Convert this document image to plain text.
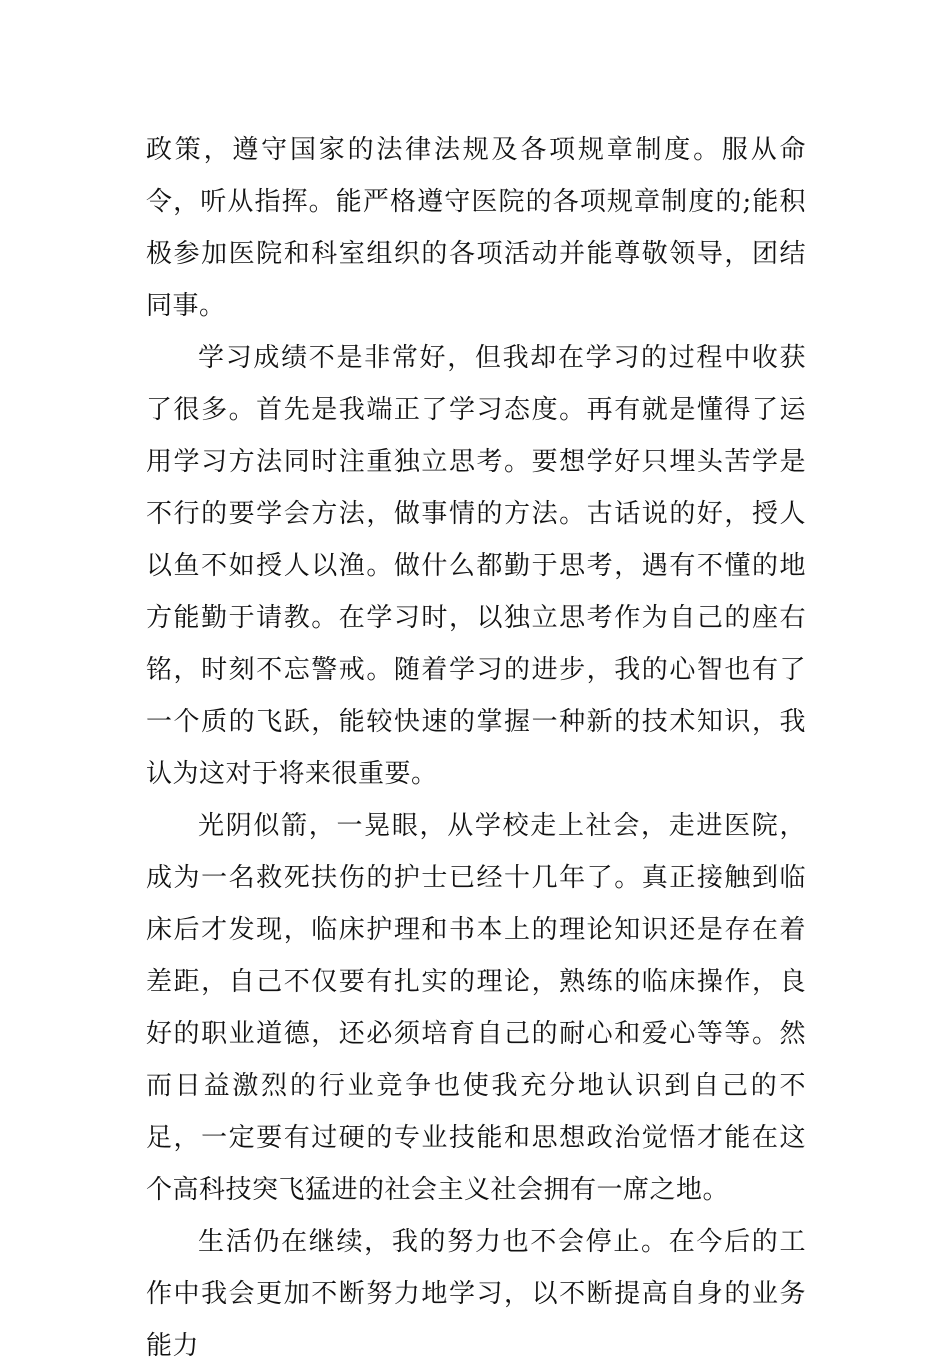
政策，遵守国家的法律法规及各项规章制度。服从命令，听从指挥。能严格遵守医院的各项规章制度的;能积极参加医院和科室组织的各项活动并能尊敬领导，团结同事。

学习成绩不是非常好，但我却在学习的过程中收获了很多。首先是我端正了学习态度。再有就是懂得了运用学习方法同时注重独立思考。要想学好只埋头苦学是不行的要学会方法，做事情的方法。古话说的好，授人以鱼不如授人以渔。做什么都勤于思考，遇有不懂的地方能勤于请教。在学习时，以独立思考作为自己的座右铭，时刻不忘警戒。随着学习的进步，我的心智也有了一个质的飞跃，能较快速的掌握一种新的技术知识，我认为这对于将来很重要。

光阴似箭，一晃眼，从学校走上社会，走进医院，成为一名救死扶伤的护士已经十几年了。真正接触到临床后才发现，临床护理和书本上的理论知识还是存在着差距，自己不仅要有扎实的理论，熟练的临床操作，良好的职业道德，还必须培育自己的耐心和爱心等等。然而日益激烈的行业竞争也使我充分地认识到自己的不足，一定要有过硬的专业技能和思想政治觉悟才能在这个高科技突飞猛进的社会主义社会拥有一席之地。

生活仍在继续，我的努力也不会停止。在今后的工作中我会更加不断努力地学习，以不断提高自身的业务能力
